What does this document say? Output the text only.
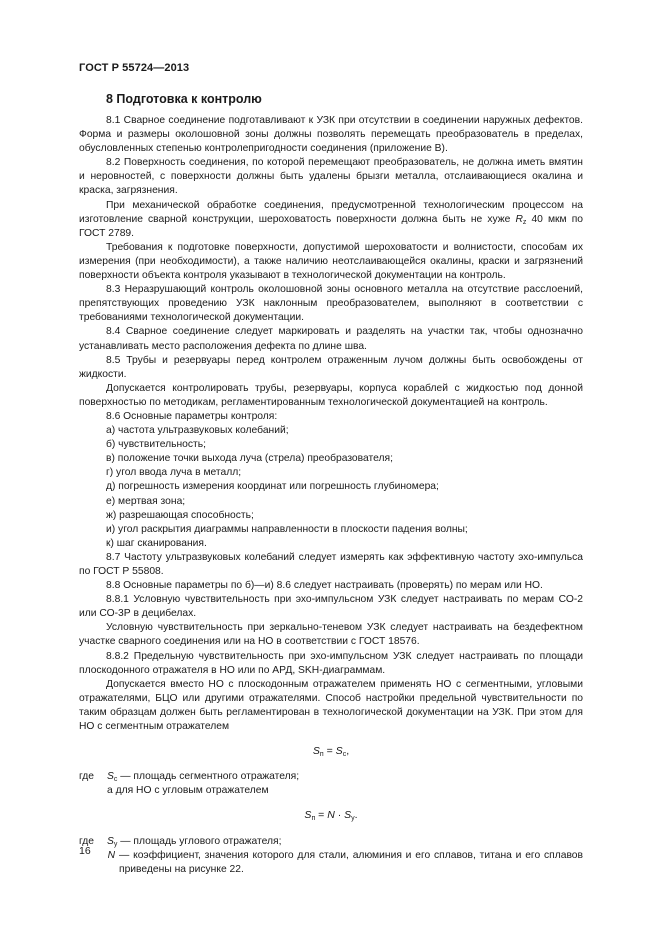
ГОСТ Р 55724—2013
8 Подготовка к контролю

8.1 Сварное соединение подготавливают к УЗК при отсутствии в соединении наружных дефектов. Форма и размеры околошовной зоны должны позволять перемещать преобразователь в пределах, обусловленных степенью контролепригодности соединения (приложение В).

8.2 Поверхность соединения, по которой перемещают преобразователь, не должна иметь вмятин и неровностей, с поверхности должны быть удалены брызги металла, отслаивающиеся окалина и краска, загрязнения.

При механической обработке соединения, предусмотренной технологическим процессом на изготовление сварной конструкции, шероховатость поверхности должна быть не хуже $R_z$ 40 мкм по ГОСТ 2789.

Требования к подготовке поверхности, допустимой шероховатости и волнистости, способам их измерения (при необходимости), а также наличию неотслаивающейся окалины, краски и загрязнений поверхности объекта контроля указывают в технологической документации на контроль.

8.3 Неразрушающий контроль околошовной зоны основного металла на отсутствие расслоений, препятствующих проведению УЗК наклонным преобразователем, выполняют в соответствии с требованиями технологической документации.

8.4 Сварное соединение следует маркировать и разделять на участки так, чтобы однозначно устанавливать место расположения дефекта по длине шва.

8.5 Трубы и резервуары перед контролем отраженным лучом должны быть освобождены от жидкости.

Допускается контролировать трубы, резервуары, корпуса кораблей с жидкостью под донной поверхностью по методикам, регламентированным технологической документацией на контроль.

8.6 Основные параметры контроля:

а) частота ультразвуковых колебаний;

б) чувствительность;

в) положение точки выхода луча (стрела) преобразователя;

г) угол ввода луча в металл;

д) погрешность измерения координат или погрешность глубиномера;

е) мертвая зона;

ж) разрешающая способность;

и) угол раскрытия диаграммы направленности в плоскости падения волны;

к) шаг сканирования.

8.7 Частоту ультразвуковых колебаний следует измерять как эффективную частоту эхо-импульса по ГОСТ Р 55808.

8.8 Основные параметры по б)—и) 8.6 следует настраивать (проверять) по мерам или НО.

8.8.1 Условную чувствительность при эхо-импульсном УЗК следует настраивать по мерам СО-2 или СО-3Р в децибелах.

Условную чувствительность при зеркально-теневом УЗК следует настраивать на бездефектном участке сварного соединения или на НО в соответствии с ГОСТ 18576.

8.8.2 Предельную чувствительность при эхо-импульсном УЗК следует настраивать по площади плоскодонного отражателя в НО или по АРД, SKH-диаграммам.

Допускается вместо НО с плоскодонным отражателем применять НО с сегментными, угловыми отражателями, БЦО или другими отражателями. Способ настройки предельной чувствительности по таким образцам должен быть регламентирован в технологической документации на УЗК. При этом для НО с сегментным отражателем

$S_п = S_с$,
где	$S_с$ — площадь сегментного отражателя;
а для НО с угловым отражателем
$S_п = N \cdot S_у$.
где	$S_у$ — площадь углового отражателя;
N — коэффициент, значения которого для стали, алюминия и его сплавов, титана и его сплавов приведены на рисунке 22.
16
